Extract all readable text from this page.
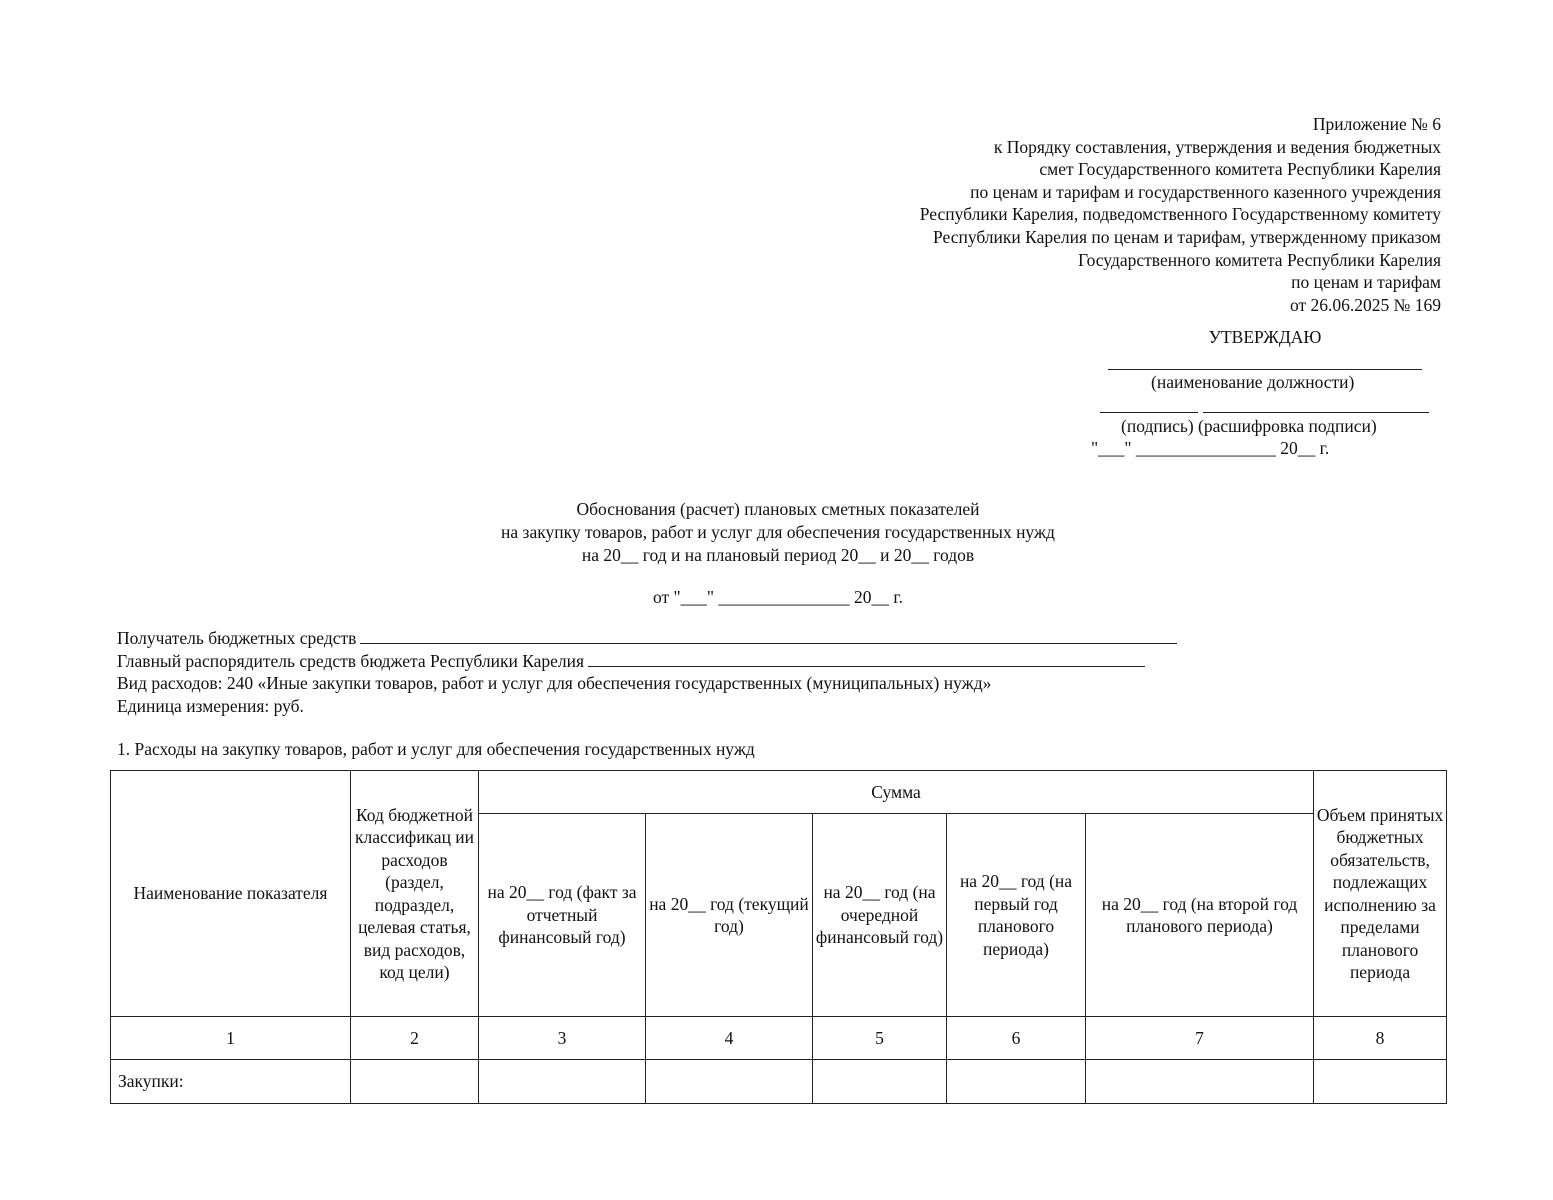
Приложение № 6
к Порядку составления, утверждения и ведения бюджетных
смет Государственного комитета Республики Карелия
по ценам и тарифам и государственного казенного учреждения
Республики Карелия, подведомственного Государственному комитету
Республики Карелия по ценам и тарифам, утвержденному приказом
Государственного комитета Республики Карелия
по ценам и тарифам
от 26.06.2025 № 169
УТВЕРЖДАЮ
(наименование должности)
(подпись) (расшифровка подписи)
"___" ________________ 20__ г.
Обоснования (расчет) плановых сметных показателей
на закупку товаров, работ и услуг для обеспечения государственных нужд
на 20__ год и на плановый период 20__ и 20__ годов
от "___" _______________ 20__ г.
Получатель бюджетных средств
Главный распорядитель средств бюджета Республики Карелия
Вид расходов: 240 «Иные закупки товаров, работ и услуг для обеспечения государственных (муниципальных) нужд»
Единица измерения: руб.
1. Расходы на закупку товаров, работ и услуг для обеспечения государственных нужд
Наименование показателя	Код бюджетной классификац ии расходов (раздел, подраздел, целевая статья, вид расходов, код цели)	Сумма					Объем принятых бюджетных обязательств, подлежащих исполнению за пределами планового периода
		на 20__ год (факт за отчетный финансовый год)	на 20__ год (текущий год)	на 20__ год (на очередной финансовый год)	на 20__ год (на первый год планового периода)	на 20__ год (на второй год планового периода)	
1	2	3	4	5	6	7	8
Закупки:							
